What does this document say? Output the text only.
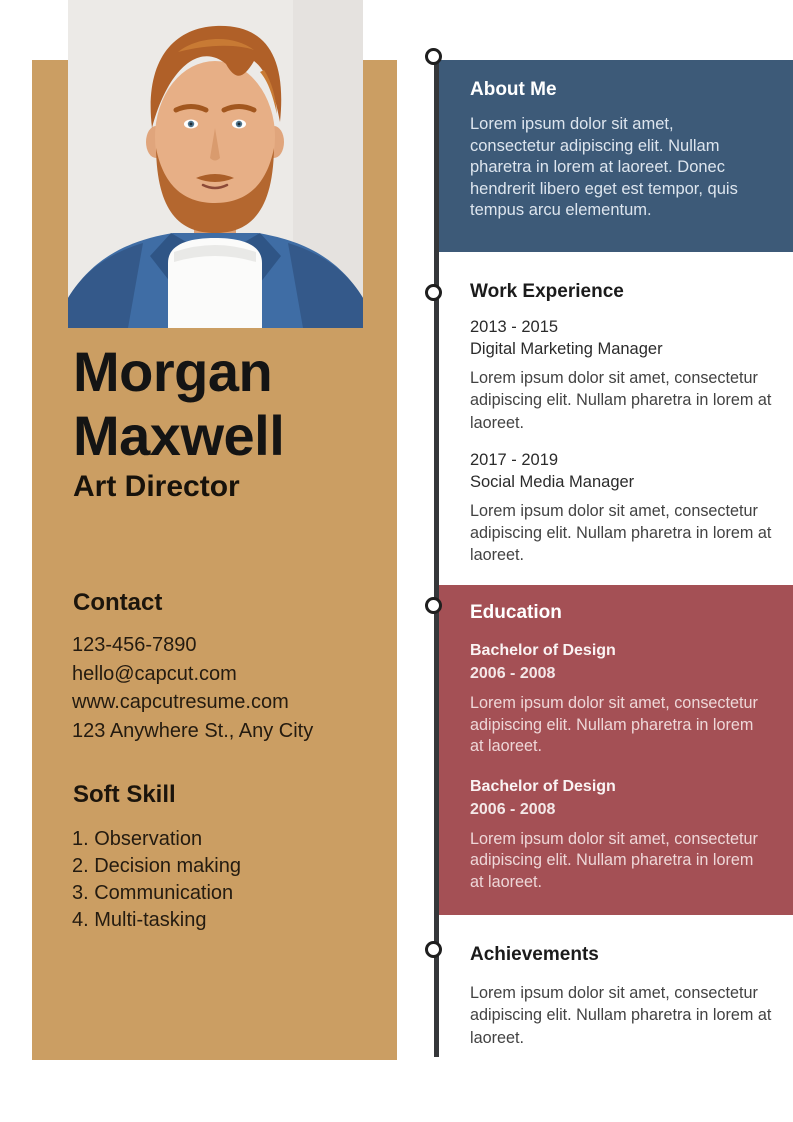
Morgan
Maxwell
Art Director
Contact
123-456-7890
hello@capcut.com
www.capcutresume.com
123 Anywhere St., Any City
Soft Skill
1. Observation
2. Decision making
3. Communication
4. Multi-tasking
About Me

Lorem ipsum dolor sit amet, consectetur adipiscing elit. Nullam pharetra in lorem at laoreet. Donec hendrerit libero eget est tempor, quis tempus arcu elementum.

Work Experience
2013 - 2015
Digital Marketing Manager

Lorem ipsum dolor sit amet, consectetur adipiscing elit. Nullam pharetra in lorem at laoreet.

2017 - 2019
Social Media Manager

Lorem ipsum dolor sit amet, consectetur adipiscing elit. Nullam pharetra in lorem at laoreet.

Education
Bachelor of Design
2006 - 2008

Lorem ipsum dolor sit amet, consectetur adipiscing elit. Nullam pharetra in lorem at laoreet.

Bachelor of Design
2006 - 2008

Lorem ipsum dolor sit amet, consectetur adipiscing elit. Nullam pharetra in lorem at laoreet.

Achievements

Lorem ipsum dolor sit amet, consectetur adipiscing elit. Nullam pharetra in lorem at laoreet.
